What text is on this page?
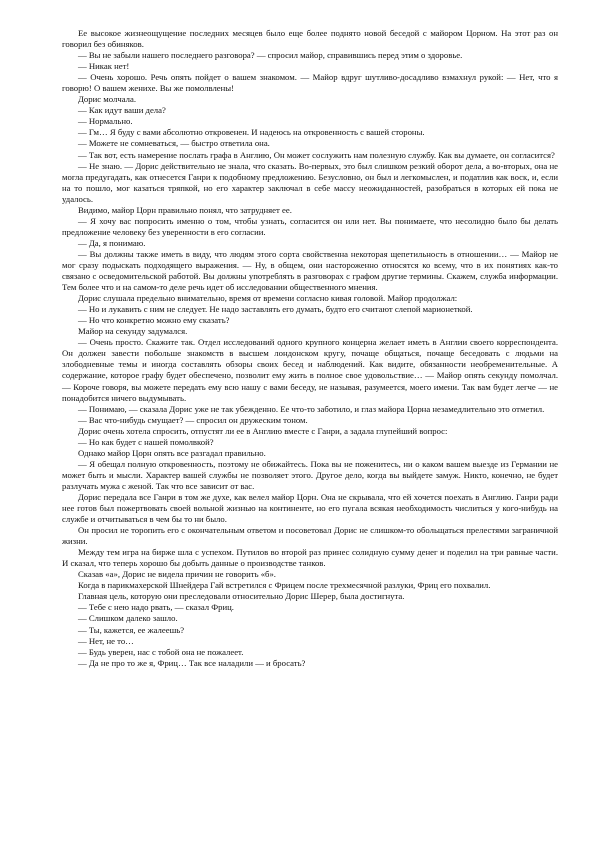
Ее высокое жизнеощущение последних месяцев было еще более поднято новой беседой с майором Цорном. На этот раз он говорил без обиняков.

— Вы не забыли нашего последнего разговора? — спросил майор, справившись перед этим о здоровье.

— Никак нет!

— Очень хорошо. Речь опять пойдет о вашем знакомом. — Майор вдруг шутливо-досадливо взмахнул рукой: — Нет, что я говорю! О вашем женихе. Вы же помолвлены!

Дорис молчала.

— Как идут ваши дела?

— Нормально.

— Гм… Я буду с вами абсолютно откровенен. И надеюсь на откровенность с вашей стороны.

— Можете не сомневаться, — быстро ответила она.

— Так вот, есть намерение послать графа в Англию, Он может сослужить нам полезную службу. Как вы думаете, он согласится?

— Не знаю. — Дорис действительно не знала, что сказать. Во-первых, это был слишком резкий оборот дела, а во-вторых, она не могла предугадать, как отнесется Ганри к подобному предложению. Безусловно, он был и легкомыслен, и податлив как воск, и, если на то пошло, мог казаться тряпкой, но его характер заключал в себе массу неожиданностей, разобраться в которых ей пока не удалось.

Видимо, майор Цорн правильно понял, что затрудняет ее.

— Я хочу вас попросить именно о том, чтобы узнать, согласится он или нет. Вы понимаете, что несолидно было бы делать предложение человеку без уверенности в его согласии.

— Да, я понимаю.

— Вы должны также иметь в виду, что людям этого сорта свойственна некоторая щепетильность в отношении… — Майор не мог сразу подыскать подходящего выражения. — Ну, в общем, они настороженно относятся ко всему, что в их понятиях как-то связано с осведомительской работой. Вы должны употреблять в разговорах с графом другие термины. Скажем, служба информации. Тем более что и на самом-то деле речь идет об исследовании общественного мнения.

Дорис слушала предельно внимательно, время от времени согласно кивая головой. Майор продолжал:

— Но и лукавить с ним не следует. Не надо заставлять его думать, будто его считают слепой марионеткой.

— Но что конкретно можно ему сказать?

Майор на секунду задумался.

— Очень просто. Скажите так. Отдел исследований одного крупного концерна желает иметь в Англии своего корреспондента. Он должен завести побольше знакомств в высшем лондонском кругу, почаще общаться, почаще беседовать с людьми на злободневные темы и иногда составлять обзоры своих бесед и наблюдений. Как видите, обязанности необременительные. А содержание, которое графу будет обеспечено, позволит ему жить в полное свое удовольствие… — Майор опять секунду помолчал. — Короче говоря, вы можете передать ему всю нашу с вами беседу, не называя, разумеется, моего имени. Так вам будет легче — не понадобится ничего выдумывать.

— Понимаю, — сказала Дорис уже не так убежденно. Ее что-то заботило, и глаз майора Цорна незамедлительно это отметил.

— Вас что-нибудь смущает? — спросил он дружеским тоном.

Дорис очень хотела спросить, отпустят ли ее в Англию вместе с Ганри, а задала глупейший вопрос:

— Но как будет с нашей помолвкой?

Однако майор Цорн опять все разгадал правильно.

— Я обещал полную откровенность, поэтому не обижайтесь. Пока вы не поженитесь, ни о каком вашем выезде из Германии не может быть и мысли. Характер вашей службы не позволяет этого. Другое дело, когда вы выйдете замуж. Никто, конечно, не будет разлучать мужа с женой. Так что все зависит от вас.

Дорис передала все Ганри в том же духе, как велел майор Цорн. Она не скрывала, что ей хочется поехать в Англию. Ганри ради нее готов был пожертвовать своей вольной жизнью на континенте, но его пугала всякая необходимость числиться у кого-нибудь на службе и отчитываться в чем бы то ни было.

Он просил не торопить его с окончательным ответом и посоветовал Дорис не слишком-то обольщаться прелестями заграничной жизни.

Между тем игра на бирже шла с успехом. Путилов во второй раз принес солидную сумму денег и поделил на три равные части. И сказал, что теперь хорошо бы добыть данные о производстве танков.

Сказав «а», Дорис не видела причин не говорить «б».

Когда в парикмахерской Шнейдера Гай встретился с Фрицем после трехмесячной разлуки, Фриц его похвалил.

Главная цель, которую они преследовали относительно Дорис Шерер, была достигнута.

— Тебе с нею надо рвать, — сказал Фриц.

— Слишком далеко зашло.

— Ты, кажется, ее жалеешь?

— Нет, не то…

— Будь уверен, нас с тобой она не пожалеет.

— Да не про то же я, Фриц… Так все наладили — и бросать?
